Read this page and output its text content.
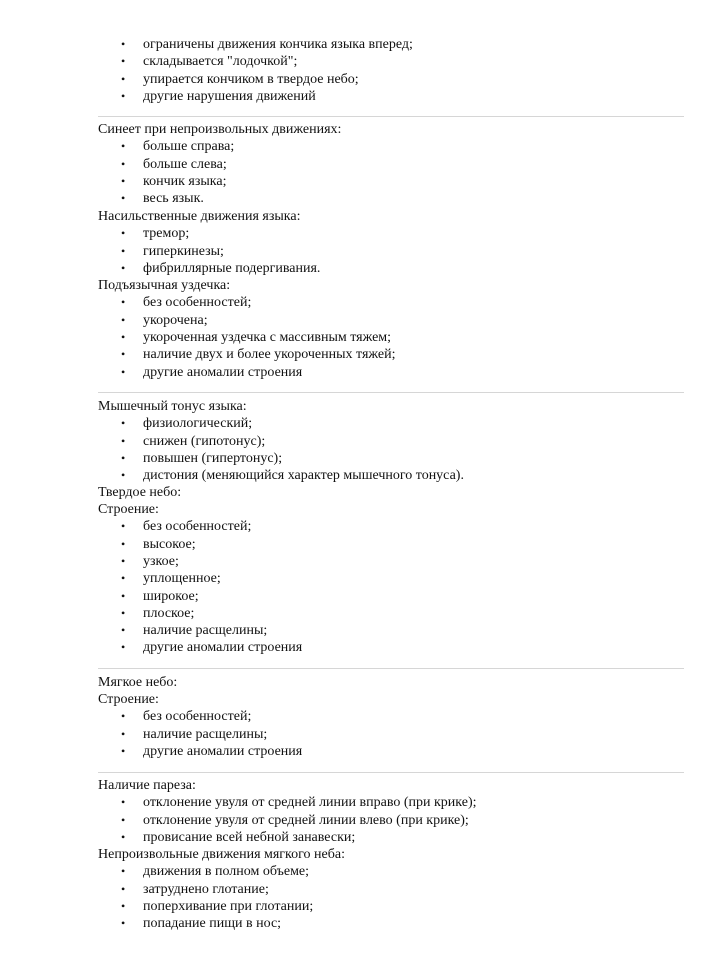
• ограничены движения кончика языка вперед;
• складывается "лодочкой";
• упирается кончиком в твердое небо;
• другие нарушения движений
Синеет при непроизвольных движениях:
• больше справа;
• больше слева;
• кончик языка;
• весь язык.
Насильственные движения языка:
• тремор;
• гиперкинезы;
• фибриллярные подергивания.
Подъязычная уздечка:
• без особенностей;
• укорочена;
• укороченная уздечка с массивным тяжем;
• наличие двух и более укороченных тяжей;
• другие аномалии строения
Мышечный тонус языка:
• физиологический;
• снижен (гипотонус);
• повышен (гипертонус);
• дистония (меняющийся характер мышечного тонуса).
Твердое небо:
Строение:
• без особенностей;
• высокое;
• узкое;
• уплощенное;
• широкое;
• плоское;
• наличие расщелины;
• другие аномалии строения
Мягкое небо:
Строение:
• без особенностей;
• наличие расщелины;
• другие аномалии строения
Наличие пареза:
• отклонение увуля от средней линии вправо (при крике);
• отклонение увуля от средней линии влево (при крике);
• провисание всей небной занавески;
Непроизвольные движения мягкого неба:
• движения в полном объеме;
• затруднено глотание;
• поперхивание при глотании;
• попадание пищи в нос;
